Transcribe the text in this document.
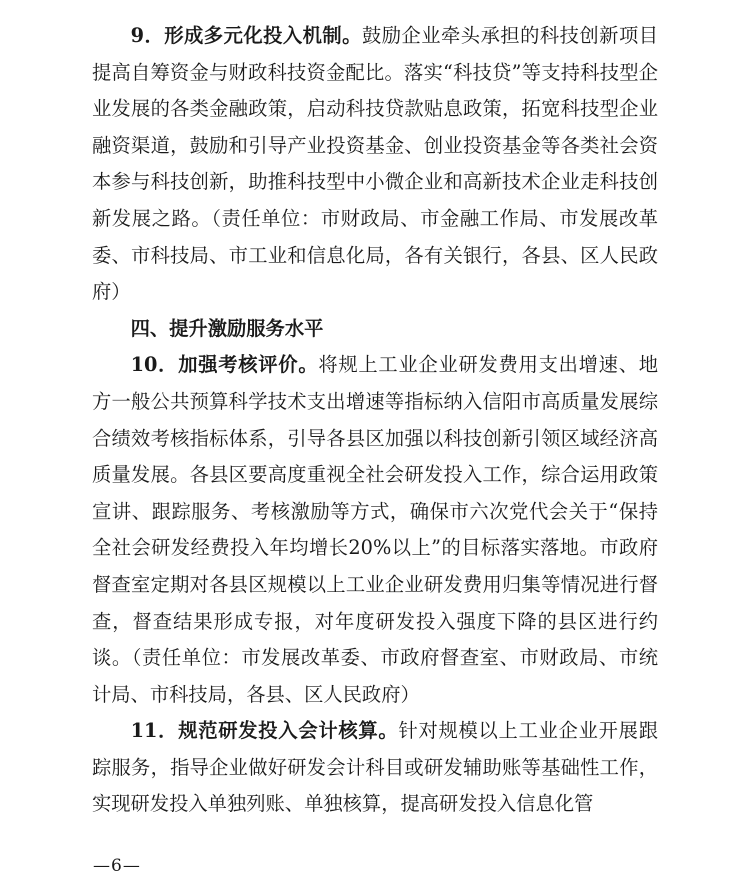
9．形成多元化投入机制。鼓励企业牵头承担的科技创新项目提高自筹资金与财政科技资金配比。落实“科技贷”等支持科技型企业发展的各类金融政策，启动科技贷款贴息政策，拓宽科技型企业融资渠道，鼓励和引导产业投资基金、创业投资基金等各类社会资本参与科技创新，助推科技型中小微企业和高新技术企业走科技创新发展之路。（责任单位：市财政局、市金融工作局、市发展改革委、市科技局、市工业和信息化局，各有关银行，各县、区人民政府）

四、提升激励服务水平

10．加强考核评价。将规上工业企业研发费用支出增速、地方一般公共预算科学技术支出增速等指标纳入信阳市高质量发展综合绩效考核指标体系，引导各县区加强以科技创新引领区域经济高质量发展。各县区要高度重视全社会研发投入工作，综合运用政策宣讲、跟踪服务、考核激励等方式，确保市六次党代会关于“保持全社会研发经费投入年均增长20%以上”的目标落实落地。市政府督查室定期对各县区规模以上工业企业研发费用归集等情况进行督查，督查结果形成专报，对年度研发投入强度下降的县区进行约谈。（责任单位：市发展改革委、市政府督查室、市财政局、市统计局、市科技局，各县、区人民政府）

11．规范研发投入会计核算。针对规模以上工业企业开展跟踪服务，指导企业做好研发会计科目或研发辅助账等基础性工作，实现研发投入单独列账、单独核算，提高研发投入信息化管

—6—
